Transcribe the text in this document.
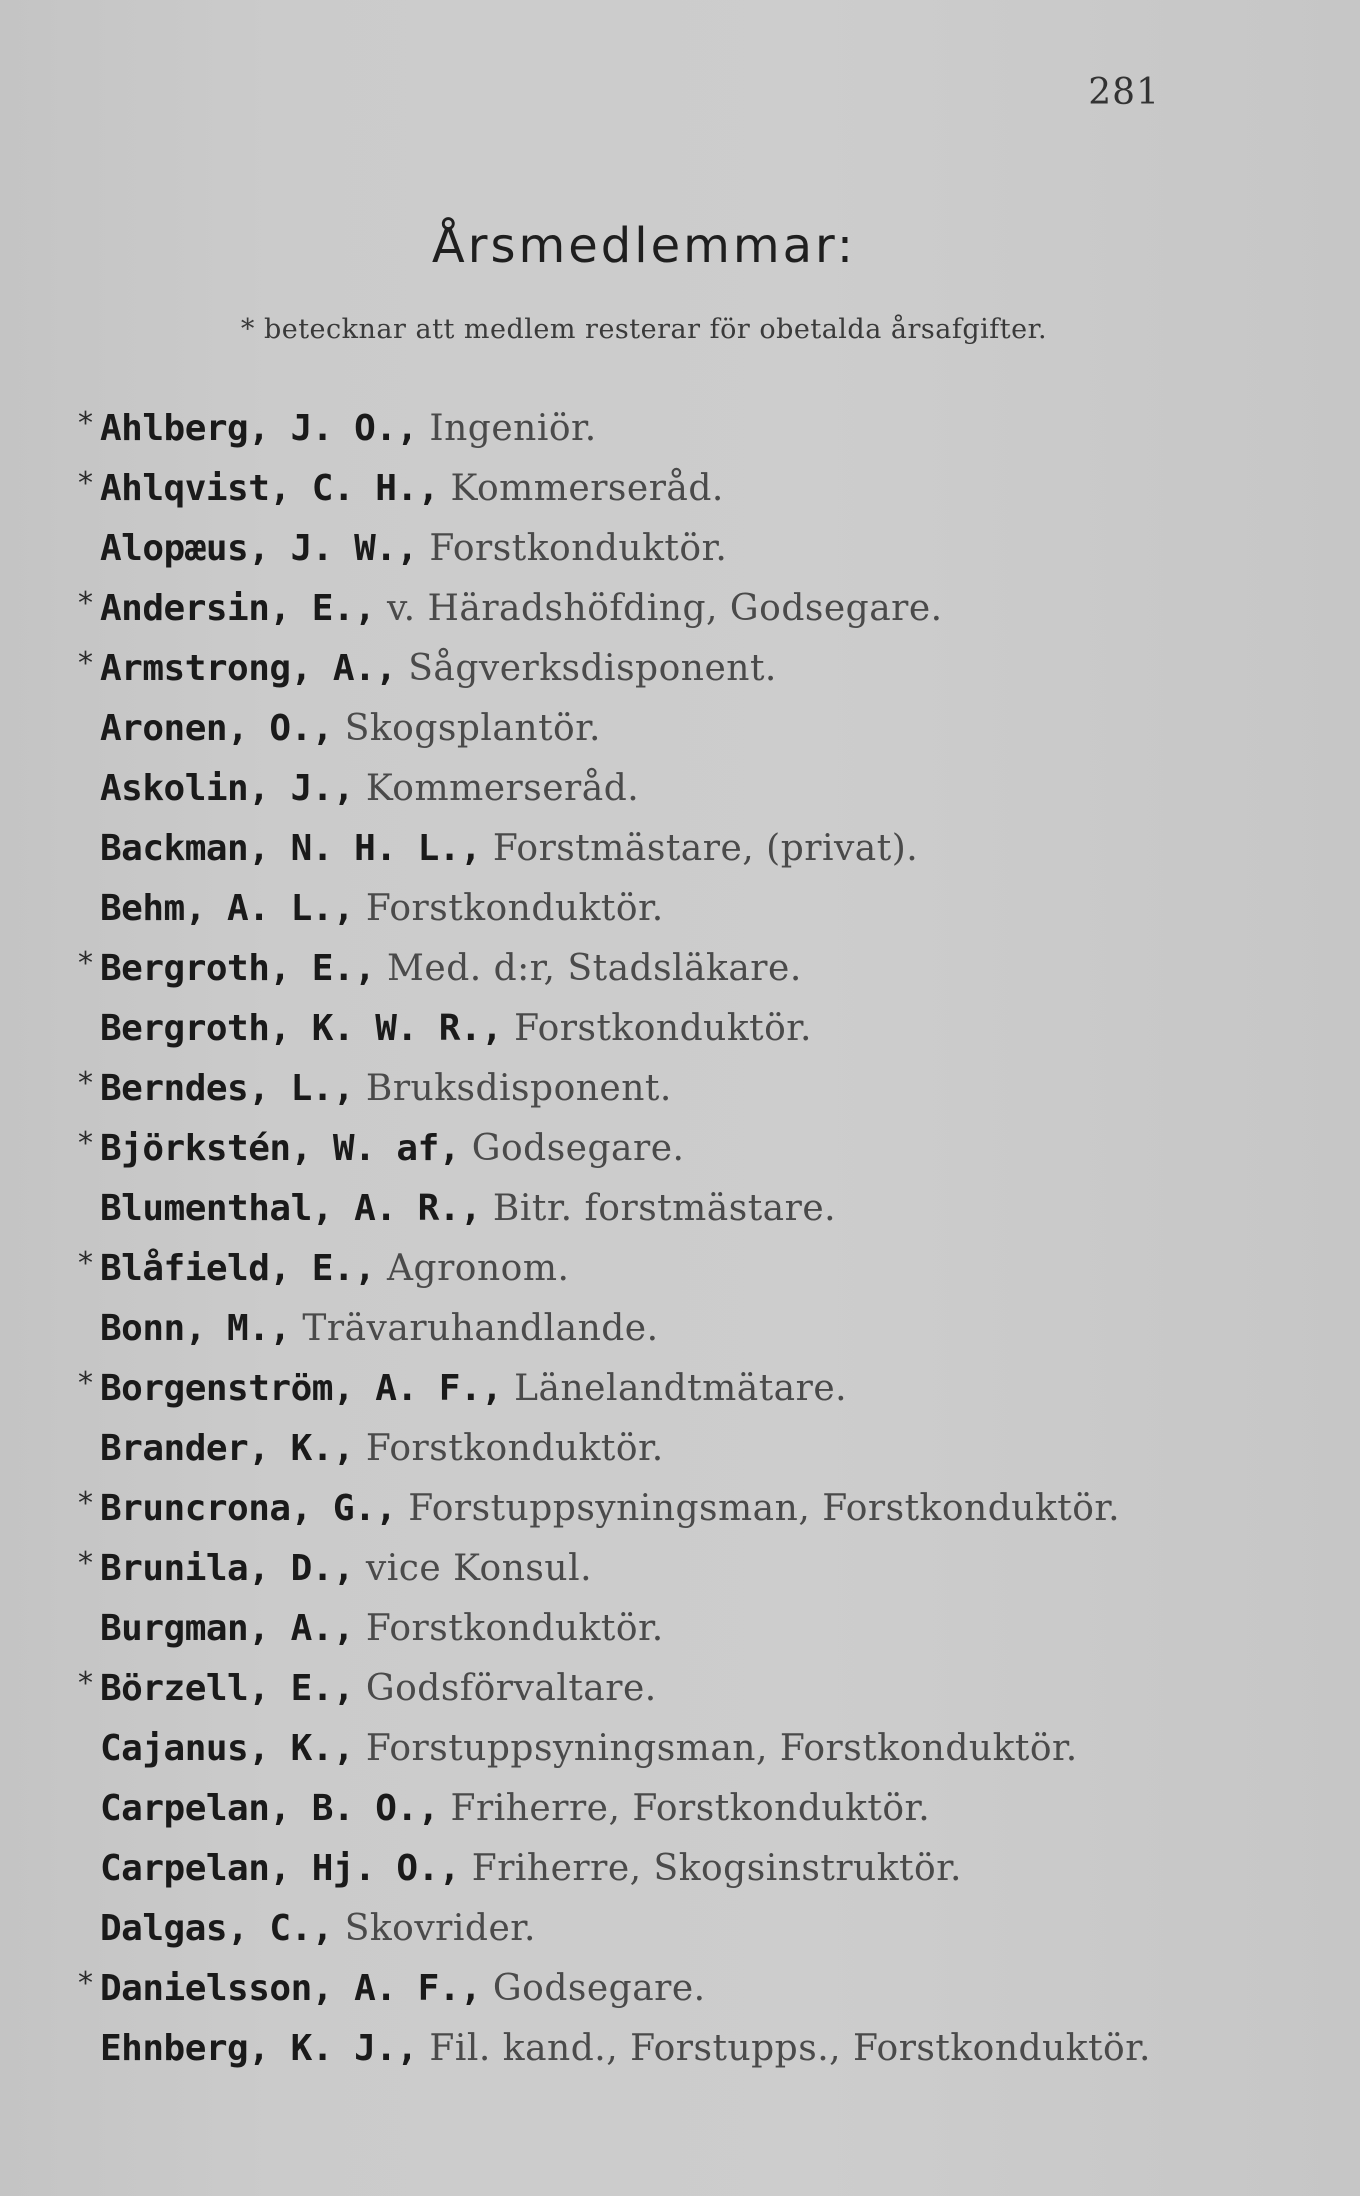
281
Årsmedlemmar:
* betecknar att medlem resterar för obetalda årsafgifter.
* Ahlberg, J. O., Ingeniör.
* Ahlqvist, C. H., Kommerseråd.
Alopæus, J. W., Forstkonduktör.
* Andersin, E., v. Häradshöfding, Godsegare.
* Armstrong, A., Sågverksdisponent.
Aronen, O., Skogsplantör.
Askolin, J., Kommerseråd.
Backman, N. H. L., Forstmästare, (privat).
Behm, A. L., Forstkonduktör.
* Bergroth, E., Med. d:r, Stadsläkare.
Bergroth, K. W. R., Forstkonduktör.
* Berndes, L., Bruksdisponent.
* Björkstén, W. af, Godsegare.
Blumenthal, A. R., Bitr. forstmästare.
* Blåfield, E., Agronom.
Bonn, M., Trävaruhandlande.
* Borgenström, A. F., Länelandtmätare.
Brander, K., Forstkonduktör.
* Bruncrona, G., Forstuppsyningsman, Forstkonduktör.
* Brunila, D., vice Konsul.
Burgman, A., Forstkonduktör.
* Börzell, E., Godsförvaltare.
Cajanus, K., Forstuppsyningsman, Forstkonduktör.
Carpelan, B. O., Friherre, Forstkonduktör.
Carpelan, Hj. O., Friherre, Skogsinstruktör.
Dalgas, C., Skovrider.
* Danielsson, A. F., Godsegare.
Ehnberg, K. J., Fil. kand., Forstupps., Forstkonduktör.
